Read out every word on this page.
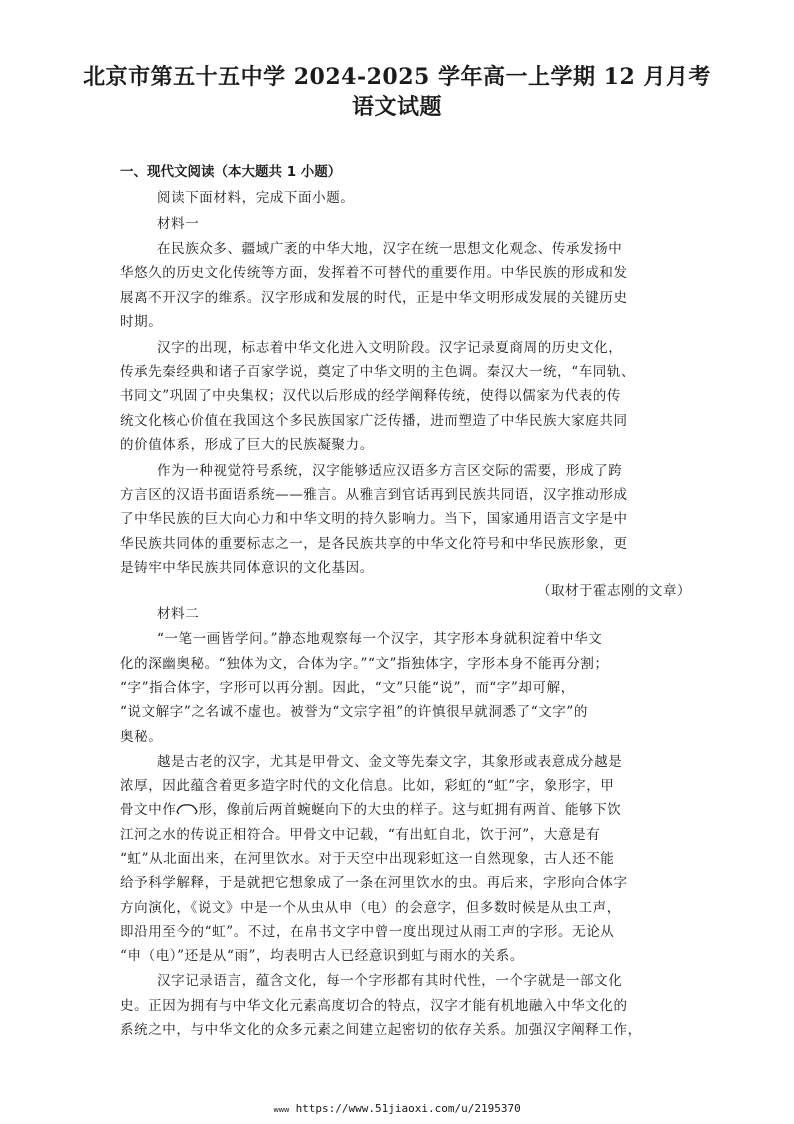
北京市第五十五中学 2024-2025 学年高一上学期 12 月月考
语文试题
一、现代文阅读（本大题共 1 小题）
阅读下面材料，完成下面小题。
材料一
在民族众多、疆域广袤的中华大地，汉字在统一思想文化观念、传承发扬中
华悠久的历史文化传统等方面，发挥着不可替代的重要作用。中华民族的形成和发
展离不开汉字的维系。汉字形成和发展的时代，正是中华文明形成发展的关键历史
时期。
汉字的出现，标志着中华文化进入文明阶段。汉字记录夏商周的历史文化，
传承先秦经典和诸子百家学说，奠定了中华文明的主色调。秦汉大一统，“车同轨、
书同文”巩固了中央集权；汉代以后形成的经学阐释传统，使得以儒家为代表的传
统文化核心价值在我国这个多民族国家广泛传播，进而塑造了中华民族大家庭共同
的价值体系，形成了巨大的民族凝聚力。
作为一种视觉符号系统，汉字能够适应汉语多方言区交际的需要，形成了跨
方言区的汉语书面语系统——雅言。从雅言到官话再到民族共同语，汉字推动形成
了中华民族的巨大向心力和中华文明的持久影响力。当下，国家通用语言文字是中
华民族共同体的重要标志之一，是各民族共享的中华文化符号和中华民族形象，更
是铸牢中华民族共同体意识的文化基因。
（取材于霍志刚的文章）
材料二
“一笔一画皆学问。”静态地观察每一个汉字，其字形本身就积淀着中华文
化的深幽奥秘。“独体为文，合体为字。”“文”指独体字，字形本身不能再分割；
“字”指合体字，字形可以再分割。因此，“文”只能“说”，而“字”却可解，
“说文解字”之名诚不虚也。被誉为“文宗字祖”的许慎很早就洞悉了“文字”的
奥秘。
越是古老的汉字，尤其是甲骨文、金文等先秦文字，其象形或表意成分越是
浓厚，因此蕴含着更多造字时代的文化信息。比如，彩虹的“虹”字，象形字，甲
骨文中作 形，像前后两首蜿蜒向下的大虫的样子。这与虹拥有两首、能够下饮
江河之水的传说正相符合。甲骨文中记载，“有出虹自北，饮于河”，大意是有
“虹”从北面出来，在河里饮水。对于天空中出现彩虹这一自然现象，古人还不能
给予科学解释，于是就把它想象成了一条在河里饮水的虫。再后来，字形向合体字
方向演化，《说文》中是一个从虫从申（电）的会意字，但多数时候是从虫工声，
即沿用至今的“虹”。不过，在帛书文字中曾一度出现过从雨工声的字形。无论从
“申（电）”还是从“雨”，均表明古人已经意识到虹与雨水的关系。
汉字记录语言，蕴含文化，每一个字形都有其时代性，一个字就是一部文化
史。正因为拥有与中华文化元素高度切合的特点，汉字才能有机地融入中华文化的
系统之中，与中华文化的众多元素之间建立起密切的依存关系。加强汉字阐释工作，
www https://www.51jiaoxi.com/u/2195370
